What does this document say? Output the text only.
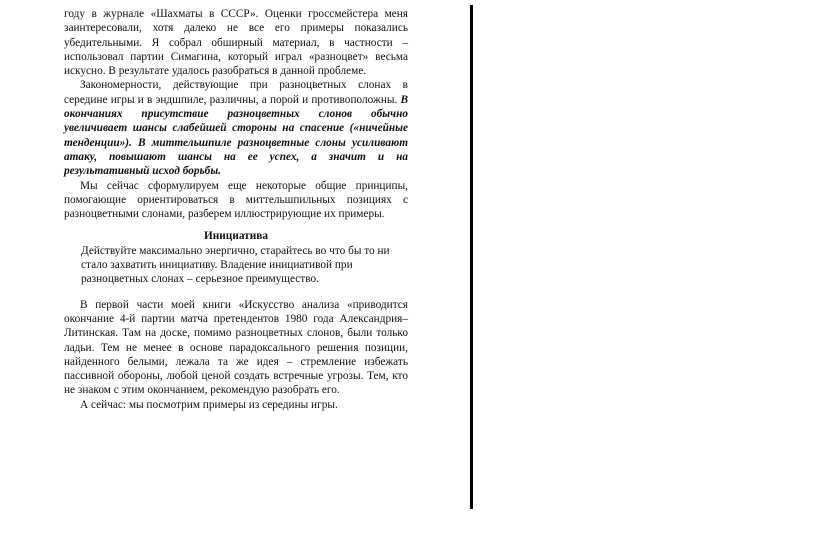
году в журнале «Шахматы в СССР». Оценки гроссмейстера меня заинтересовали, хотя далеко не все его примеры показались убедительными. Я собрал обширный материал, в частности – использовал партии Симагина, который играл «разноцвет» весьма искусно. В результате удалось разобраться в данной проблеме.

Закономерности, действующие при разноцветных слонах в середине игры и в эндшпиле, различны, а порой и противоположны. В окончаниях присутствие разноцветных слонов обычно увеличивает шансы слабейшей стороны на спасение («ничейные тенденции»). В миттельшпиле разноцветные слоны усиливают атаку, повышают шансы на ее успех, а значит и на результативный исход борьбы.

Мы сейчас сформулируем еще некоторые общие принципы, помогающие ориентироваться в миттельшпильных позициях с разноцветными слонами, разберем иллюстрирующие их примеры.

Инициатива

Действуйте максимально энергично, старайтесь во что бы то ни стало захватить инициативу. Владение инициативой при разноцветных слонах – серьезное преимущество.

В первой части моей книги «Искусство анализа «приводится окончание 4-й партии матча претендентов 1980 года Александрия–Литинская. Там на доске, помимо разноцветных слонов, были только ладьи. Тем не менее в основе парадоксального решения позиции, найденного белыми, лежала та же идея – стремление избежать пассивной обороны, любой ценой создать встречные угрозы. Тем, кто не знаком с этим окончанием, рекомендую разобрать его.

А сейчас: мы посмотрим примеры из середины игры.
